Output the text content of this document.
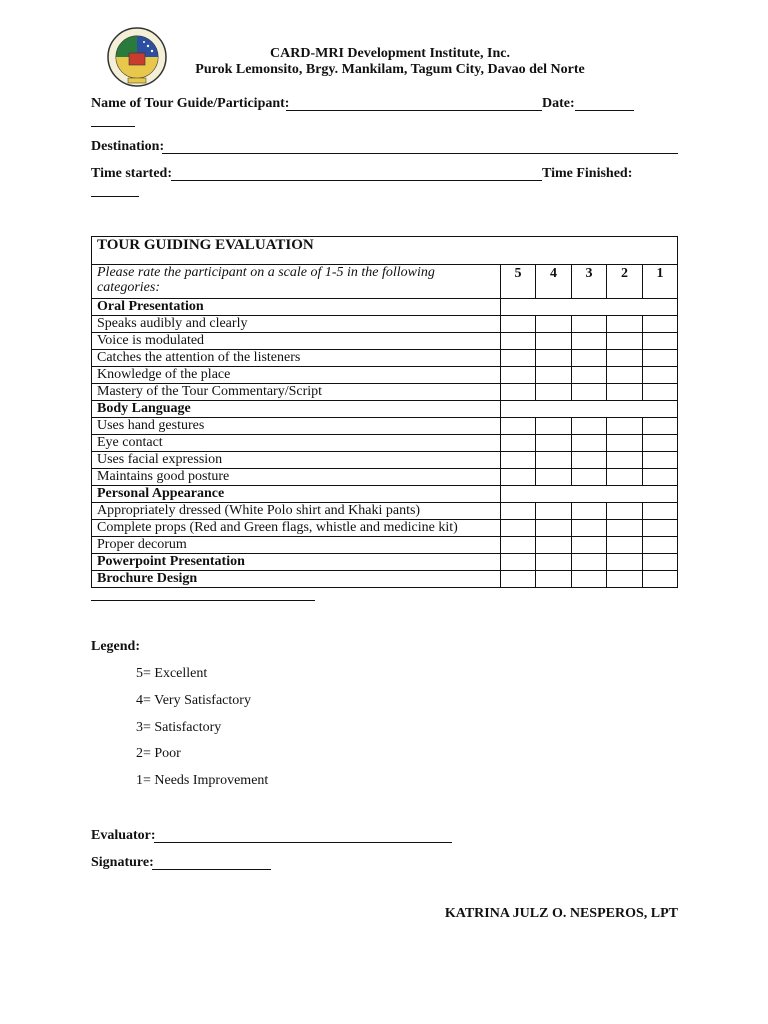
CARD-MRI Development Institute, Inc.
Purok Lemonsito, Brgy. Mankilam, Tagum City, Davao del Norte
Name of Tour Guide/Participant:	Date:
Destination:
Time started:	Time Finished:
TOUR GUIDING EVALUATION					
Please rate the participant on a scale of 1-5 in the following categories:	5	4	3	2	1
Oral Presentation					
Speaks audibly and clearly					
Voice is modulated					
Catches the attention of the listeners					
Knowledge of the place					
Mastery of the Tour Commentary/Script					
Body Language					
Uses hand gestures					
Eye contact					
Uses facial expression					
Maintains good posture					
Personal Appearance					
Appropriately dressed (White Polo shirt and Khaki pants)					
Complete props (Red and Green flags, whistle and medicine kit)					
Proper decorum					
Powerpoint Presentation					
Brochure Design					
Legend:
5= Excellent
4= Very Satisfactory
3= Satisfactory
2= Poor
1= Needs Improvement
Evaluator:
Signature:
KATRINA JULZ O. NESPEROS, LPT
